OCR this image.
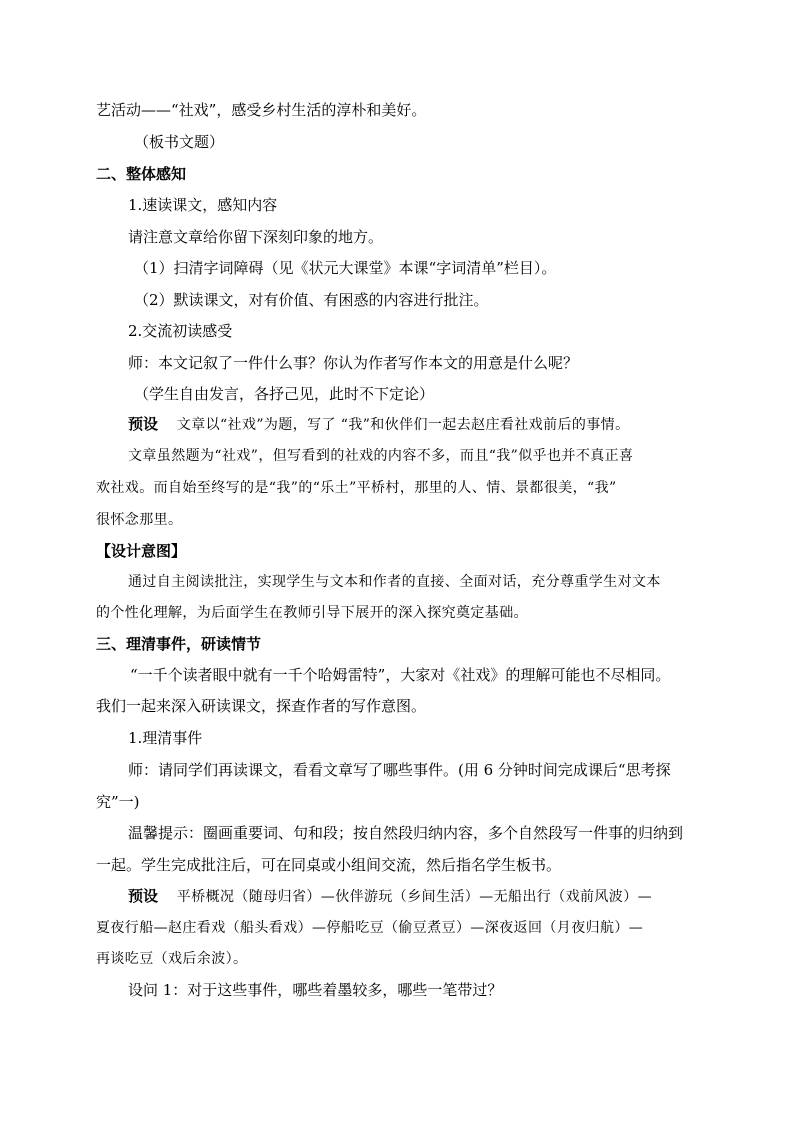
艺活动——“社戏”，感受乡村生活的淳朴和美好。
（板书文题）
二、整体感知
1.速读课文，感知内容
请注意文章给你留下深刻印象的地方。
（1）扫清字词障碍（见《状元大课堂》本课“字词清单”栏目）。
（2）默读课文，对有价值、有困惑的内容进行批注。
2.交流初读感受
师：本文记叙了一件什么事？你认为作者写作本文的用意是什么呢？
（学生自由发言，各抒己见，此时不下定论）
预设 文章以“社戏”为题，写了 “我”和伙伴们一起去赵庄看社戏前后的事情。
文章虽然题为“社戏”，但写看到的社戏的内容不多，而且“我”似乎也并不真正喜
欢社戏。而自始至终写的是“我”的“乐土”平桥村，那里的人、情、景都很美，“我”
很怀念那里。
【设计意图】
通过自主阅读批注，实现学生与文本和作者的直接、全面对话，充分尊重学生对文本
的个性化理解，为后面学生在教师引导下展开的深入探究奠定基础。
三、理清事件，研读情节
“一千个读者眼中就有一千个哈姆雷特”，大家对《社戏》的理解可能也不尽相同。
我们一起来深入研读课文，探查作者的写作意图。
1.理清事件
师：请同学们再读课文，看看文章写了哪些事件。(用 6 分钟时间完成课后“思考探
究”一)
温馨提示：圈画重要词、句和段；按自然段归纳内容，多个自然段写一件事的归纳到
一起。学生完成批注后，可在同桌或小组间交流，然后指名学生板书。
预设 平桥概况（随母归省）—伙伴游玩（乡间生活）—无船出行（戏前风波）—
夏夜行船—赵庄看戏（船头看戏）—停船吃豆（偷豆煮豆）—深夜返回（月夜归航）—
再谈吃豆（戏后余波）。
设问 1：对于这些事件，哪些着墨较多，哪些一笔带过？
